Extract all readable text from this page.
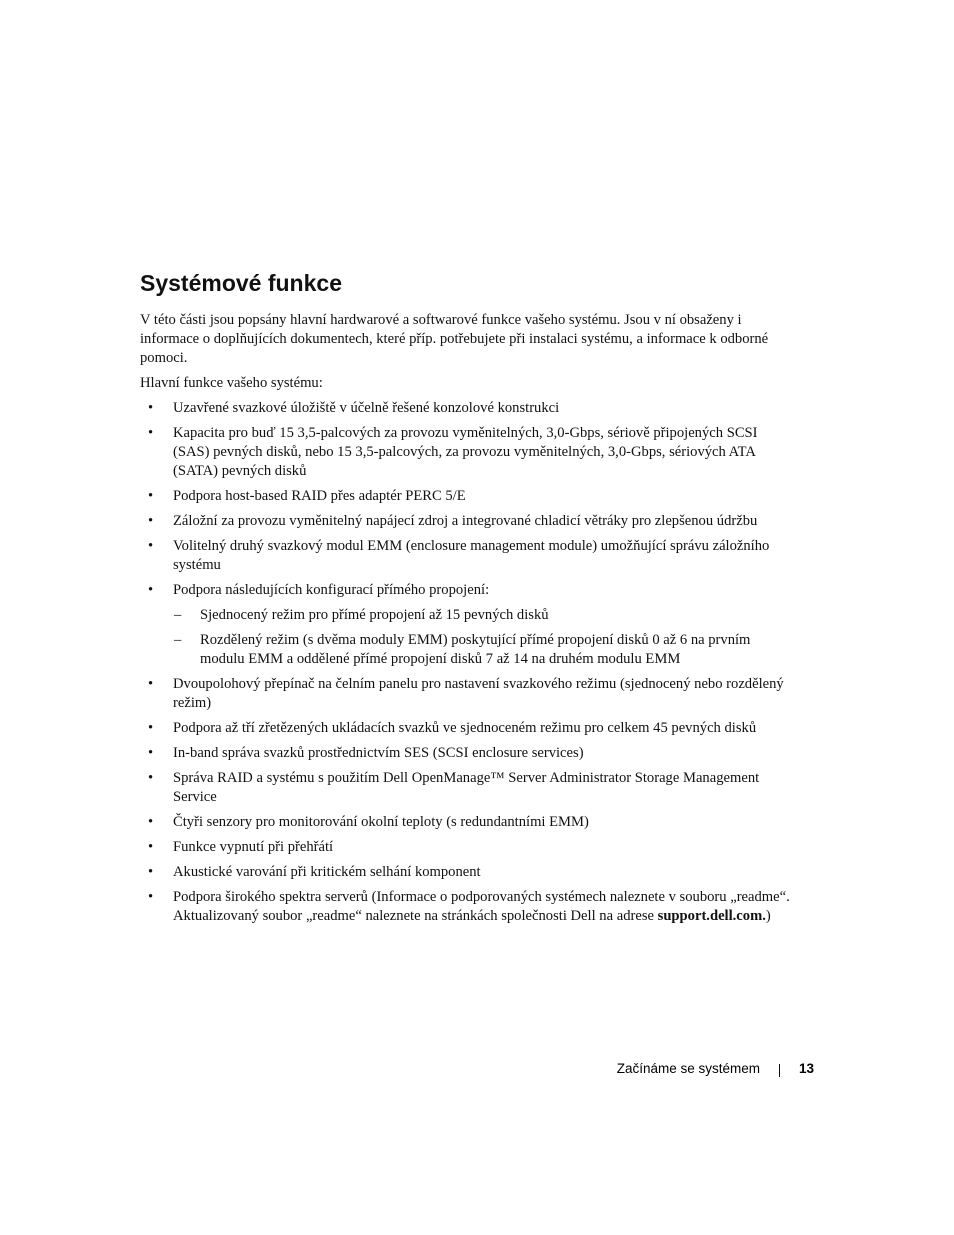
Systémové funkce

V této části jsou popsány hlavní hardwarové a softwarové funkce vašeho systému. Jsou v ní obsaženy i informace o doplňujících dokumentech, které příp. potřebujete při instalaci systému, a informace k odborné pomoci.

Hlavní funkce vašeho systému:

• Uzavřené svazkové úložiště v účelně řešené konzolové konstrukci
• Kapacita pro buď 15 3,5-palcových za provozu vyměnitelných, 3,0-Gbps, sériově připojených SCSI (SAS) pevných disků, nebo 15 3,5-palcových, za provozu vyměnitelných, 3,0-Gbps, sériových ATA (SATA) pevných disků
• Podpora host-based RAID přes adaptér PERC 5/E
• Záložní za provozu vyměnitelný napájecí zdroj a integrované chladicí větráky pro zlepšenou údržbu
• Volitelný druhý svazkový modul EMM (enclosure management module) umožňující správu záložního systému
• Podpora následujících konfigurací přímého propojení:
– Sjednocený režim pro přímé propojení až 15 pevných disků
– Rozdělený režim (s dvěma moduly EMM) poskytující přímé propojení disků 0 až 6 na prvním modulu EMM a oddělené přímé propojení disků 7 až 14 na druhém modulu EMM
• Dvoupolohový přepínač na čelním panelu pro nastavení svazkového režimu (sjednocený nebo rozdělený režim)
• Podpora až tří zřetězených ukládacích svazků ve sjednoceném režimu pro celkem 45 pevných disků
• In-band správa svazků prostřednictvím SES (SCSI enclosure services)
• Správa RAID a systému s použitím Dell OpenManage™ Server Administrator Storage Management Service
• Čtyři senzory pro monitorování okolní teploty (s redundantními EMM)
• Funkce vypnutí při přehřátí
• Akustické varování při kritickém selhání komponent
• Podpora širokého spektra serverů (Informace o podporovaných systémech naleznete v souboru „readme“. Aktualizovaný soubor „readme“ naleznete na stránkách společnosti Dell na adrese support.dell.com.)
Začínáme se systémem	13
